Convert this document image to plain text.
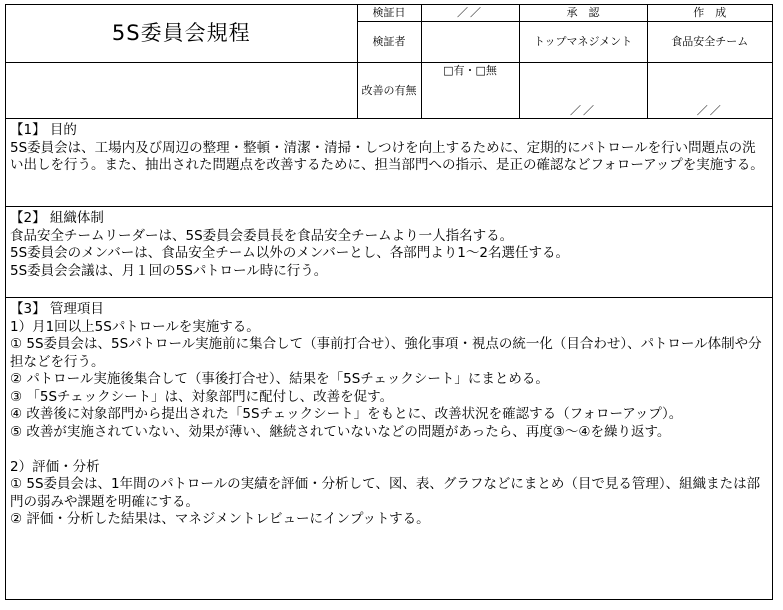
5S委員会規程	検証日	／／	承　認	作　成
	検証者		トップマネジメント	食品安全チーム
	改善の有無	□有・□無	／／	／／

【1】 目的

5S委員会は、工場内及び周辺の整理・整頓・清潔・清掃・しつけを向上するために、定期的にパトロールを行い問題点の洗い出しを行う。また、抽出された問題点を改善するために、担当部門への指示、是正の確認などフォローアップを実施する。

【2】 組織体制

食品安全チームリーダーは、5S委員会委員長を食品安全チームより一人指名する。

5S委員会のメンバーは、食品安全チーム以外のメンバーとし、各部門より1～2名選任する。

5S委員会会議は、月１回の5Sパトロール時に行う。

【3】 管理項目

1）月1回以上5Sパトロールを実施する。

① 5S委員会は、5Sパトロール実施前に集合して（事前打合せ）、強化事項・視点の統一化（目合わせ）、パトロール体制や分担などを行う。

② パトロール実施後集合して（事後打合せ）、結果を「5Sチェックシート」にまとめる。

③ 「5Sチェックシート」は、対象部門に配付し、改善を促す。

④ 改善後に対象部門から提出された「5Sチェックシート」をもとに、改善状況を確認する（フォローアップ）。

⑤ 改善が実施されていない、効果が薄い、継続されていないなどの問題があったら、再度③～④を繰り返す。

2）評価・分析

① 5S委員会は、1年間のパトロールの実績を評価・分析して、図、表、グラフなどにまとめ（目で見る管理）、組織または部門の弱みや課題を明確にする。

② 評価・分析した結果は、マネジメントレビューにインプットする。
